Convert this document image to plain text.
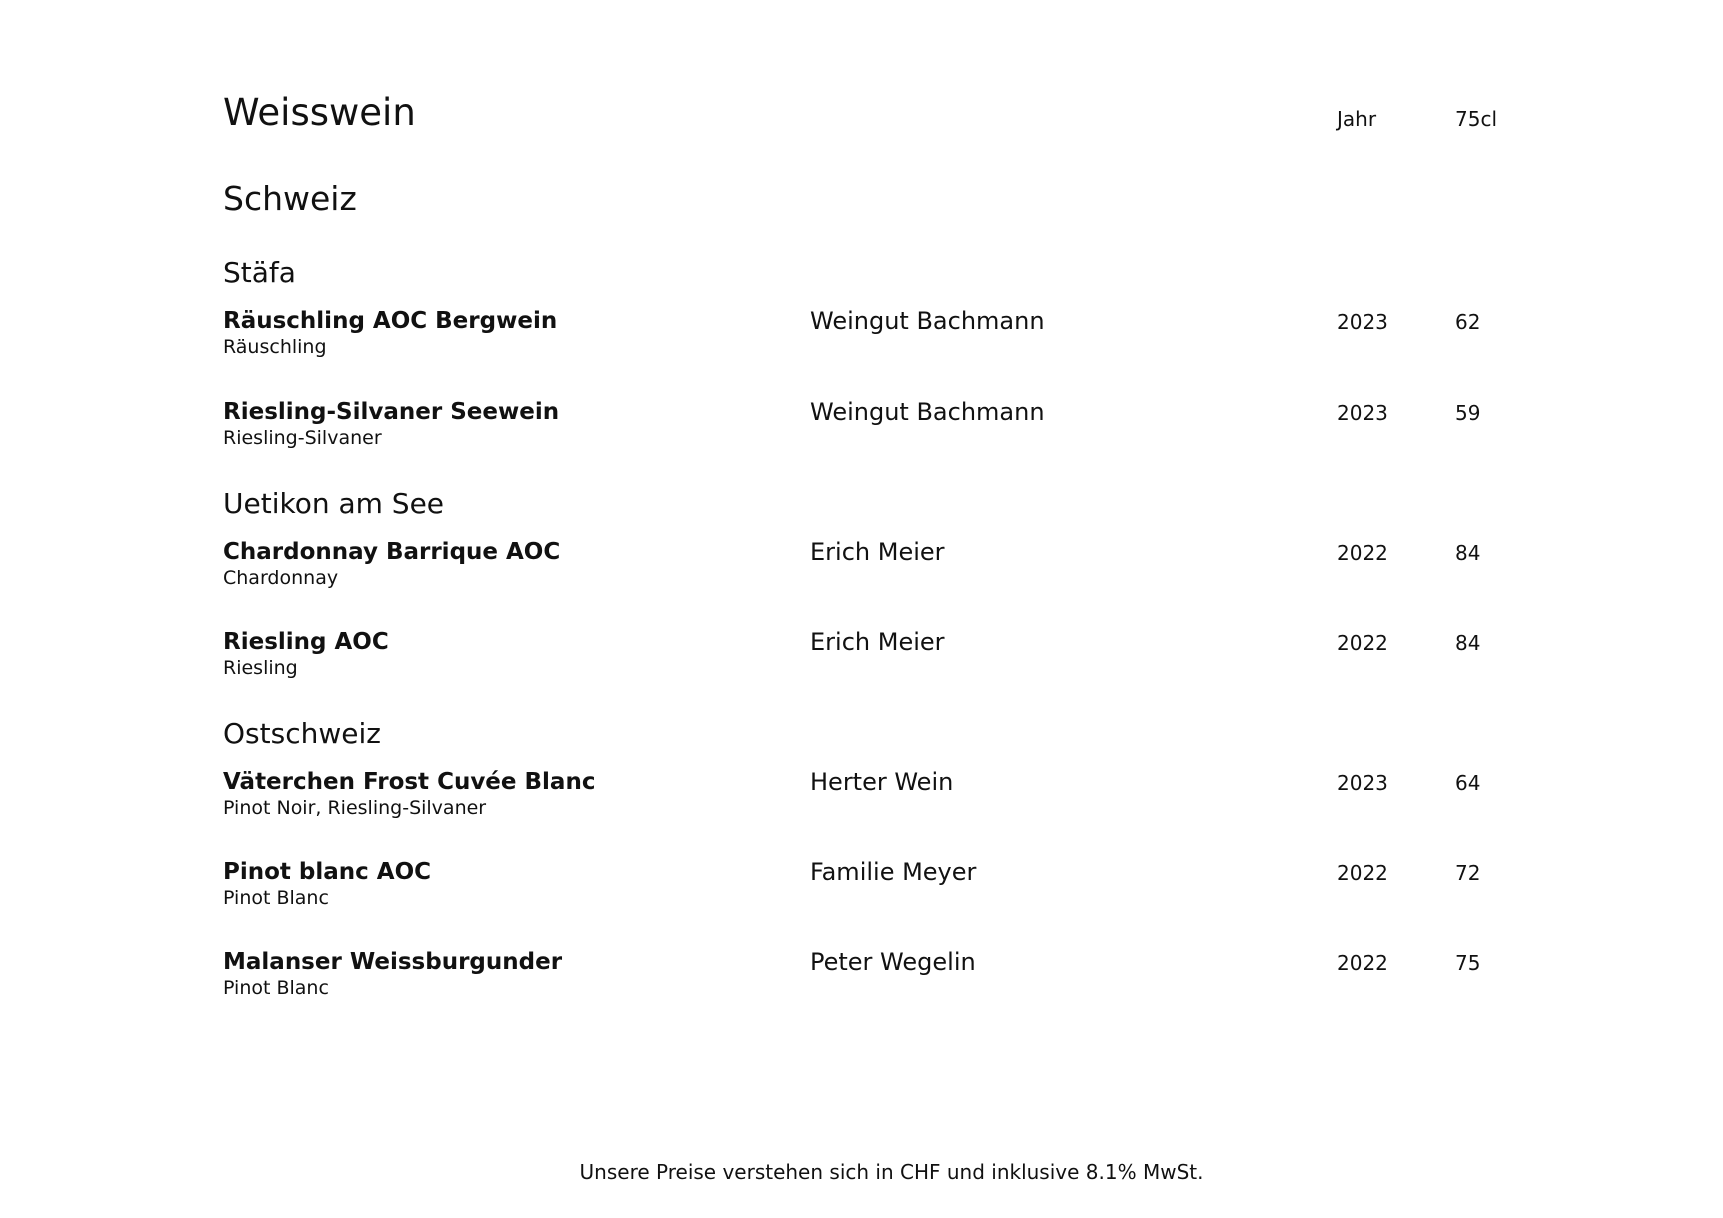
Weisswein	Jahr	75cl
Schweiz
Stäfa
Räuschling AOC Bergwein
Räuschling
Weingut Bachmann	2023	62
Riesling-Silvaner Seewein
Riesling-Silvaner
Weingut Bachmann	2023	59
Uetikon am See
Chardonnay Barrique AOC
Chardonnay
Erich Meier	2022	84
Riesling AOC
Riesling
Erich Meier	2022	84
Ostschweiz
Väterchen Frost Cuvée Blanc
Pinot Noir, Riesling-Silvaner
Herter Wein	2023	64
Pinot blanc AOC
Pinot Blanc
Familie Meyer	2022	72
Malanser Weissburgunder
Pinot Blanc
Peter Wegelin	2022	75
Unsere Preise verstehen sich in CHF und inklusive 8.1% MwSt.
